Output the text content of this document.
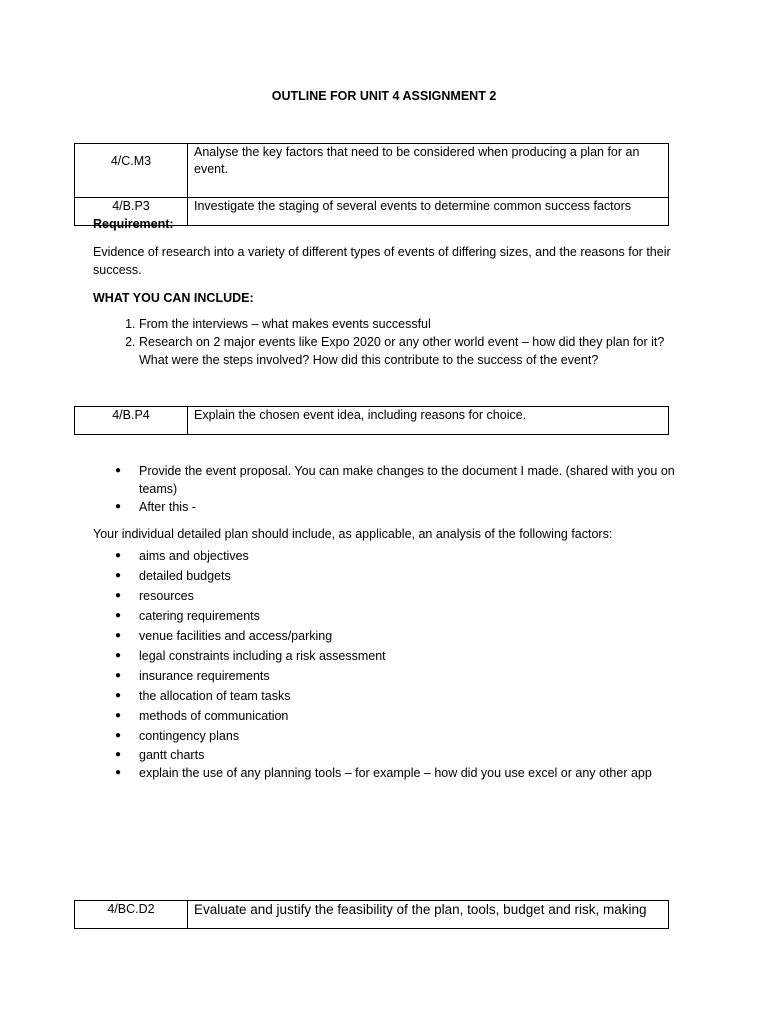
OUTLINE FOR UNIT 4 ASSIGNMENT 2
4/C.M3	Analyse the key factors that need to be considered when producing a plan for an event.
4/B.P3	Investigate the staging of several events to determine common success factors
Requirement:
Evidence of research into a variety of different types of events of differing sizes, and the reasons for their success.
WHAT YOU CAN INCLUDE:
1. From the interviews – what makes events successful
2. Research on 2 major events like Expo 2020 or any other world event – how did they plan for it? What were the steps involved? How did this contribute to the success of the event?
4/B.P4	Explain the chosen event idea, including reasons for choice.
● Provide the event proposal. You can make changes to the document I made. (shared with you on teams)
● After this -
Your individual detailed plan should include, as applicable, an analysis of the following factors:
● aims and objectives
● detailed budgets
● resources
● catering requirements
● venue facilities and access/parking
● legal constraints including a risk assessment
● insurance requirements
● the allocation of team tasks
● methods of communication
● contingency plans
● gantt charts
● explain the use of any planning tools – for example – how did you use excel or any other app
4/BC.D2	Evaluate and justify the feasibility of the plan, tools, budget and risk, making
